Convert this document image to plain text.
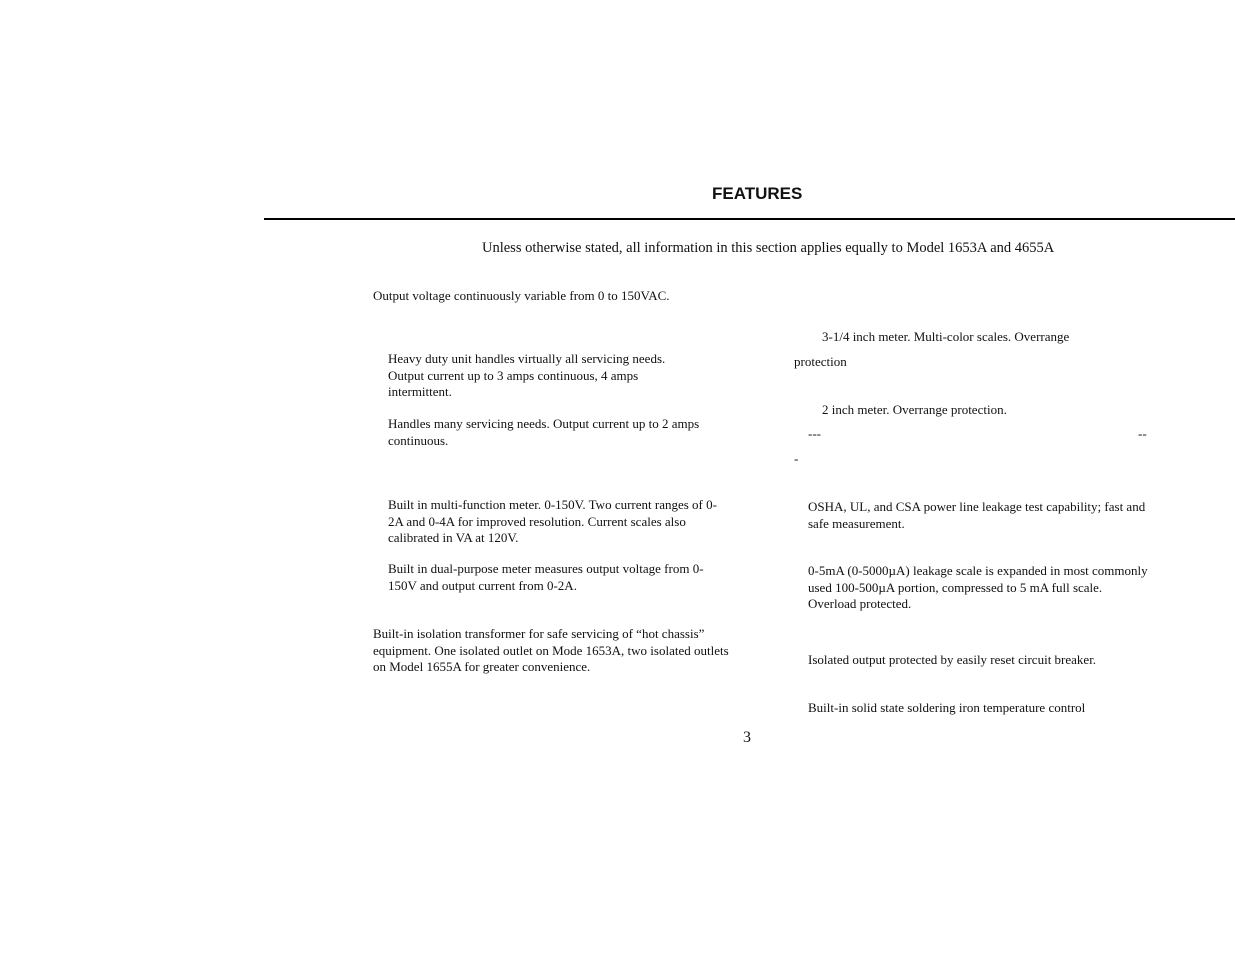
FEATURES
Unless otherwise stated, all information in this section applies equally to Model 1653A and 4655A
Output voltage continuously variable from 0 to 150VAC.
Heavy duty unit handles virtually all servicing needs. Output current up to 3 amps continuous, 4 amps intermittent.
Handles many servicing needs. Output current up to 2 amps continuous.
Built in multi-function meter. 0-150V. Two current ranges of 0-2A and 0-4A for improved resolution. Current scales also calibrated in VA at 120V.
Built in dual-purpose meter measures output voltage from 0-150V and output current from 0-2A.
Built-in isolation transformer for safe servicing of “hot chassis” equipment. One isolated outlet on Mode 1653A, two isolated outlets on Model 1655A for greater convenience.
3-1/4 inch meter. Multi-color scales. Overrange
protection
2 inch meter. Overrange protection.
---	--
-
OSHA, UL, and CSA power line leakage test capability; fast and safe measurement.
0-5mA (0-5000µA) leakage scale is expanded in most commonly used 100-500µA portion, compressed to 5 mA full scale. Overload protected.
Isolated output protected by easily reset circuit breaker.
Built-in solid state soldering iron temperature control
3
